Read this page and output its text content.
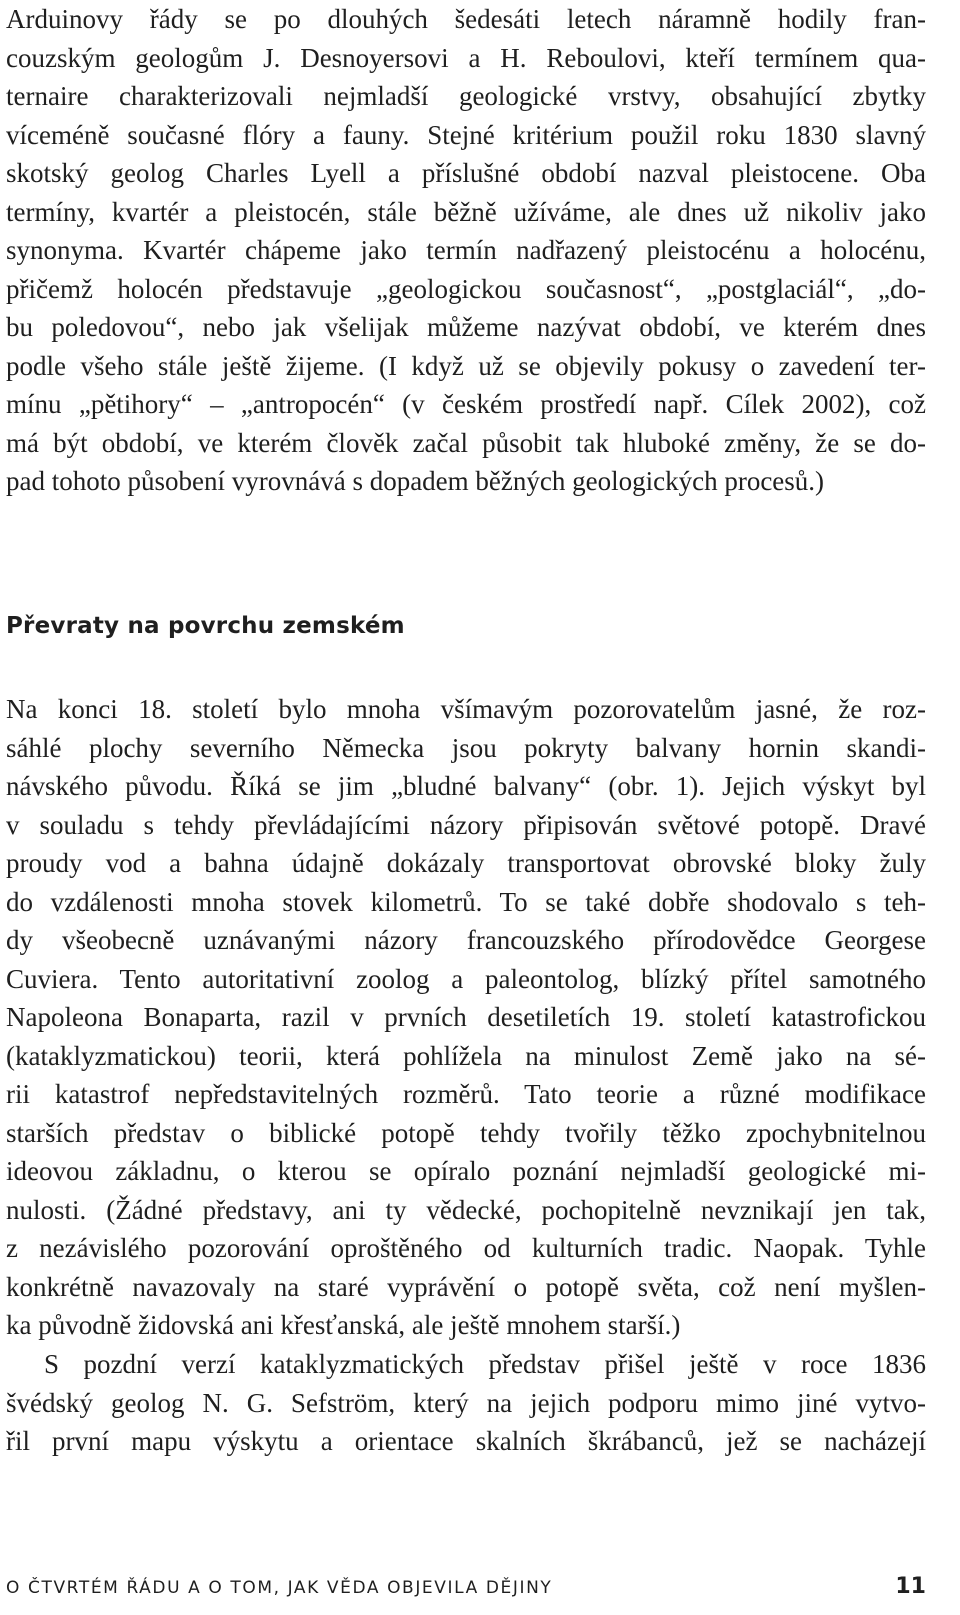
Arduinovy řády se po dlouhých šedesáti letech náramně hodily fran-
couzským geologům J. Desnoyersovi a H. Reboulovi, kteří termínem qua-
ternaire charakterizovali nejmladší geologické vrstvy, obsahující zbytky
víceméně současné flóry a fauny. Stejné kritérium použil roku 1830 slavný
skotský geolog Charles Lyell a příslušné období nazval pleistocene. Oba
termíny, kvartér a pleistocén, stále běžně užíváme, ale dnes už nikoliv jako
synonyma. Kvartér chápeme jako termín nadřazený pleistocénu a holocénu,
přičemž holocén představuje „geologickou současnost“, „postglaciál“, „do-
bu poledovou“, nebo jak všelijak můžeme nazývat období, ve kterém dnes
podle všeho stále ještě žijeme. (I když už se objevily pokusy o zavedení ter-
mínu „pětihory“ – „antropocén“ (v českém prostředí např. Cílek 2002), což
má být období, ve kterém člověk začal působit tak hluboké změny, že se do-
pad tohoto působení vyrovnává s dopadem běžných geologických procesů.)
Převraty na povrchu zemském
Na konci 18. století bylo mnoha všímavým pozorovatelům jasné, že roz-
sáhlé plochy severního Německa jsou pokryty balvany hornin skandi-
návského původu. Říká se jim „bludné balvany“ (obr. 1). Jejich výskyt byl
v souladu s tehdy převládajícími názory připisován světové potopě. Dravé
proudy vod a bahna údajně dokázaly transportovat obrovské bloky žuly
do vzdálenosti mnoha stovek kilometrů. To se také dobře shodovalo s teh-
dy všeobecně uznávanými názory francouzského přírodovědce Georgese
Cuviera. Tento autoritativní zoolog a paleontolog, blízký přítel samotného
Napoleona Bonaparta, razil v prvních desetiletích 19. století katastrofickou
(kataklyzmatickou) teorii, která pohlížela na minulost Země jako na sé-
rii katastrof nepředstavitelných rozměrů. Tato teorie a různé modifikace
starších představ o biblické potopě tehdy tvořily těžko zpochybnitelnou
ideovou základnu, o kterou se opíralo poznání nejmladší geologické mi-
nulosti. (Žádné představy, ani ty vědecké, pochopitelně nevznikají jen tak,
z nezávislého pozorování oproštěného od kulturních tradic. Naopak. Tyhle
konkrétně navazovaly na staré vyprávění o potopě světa, což není myšlen-
ka původně židovská ani křesťanská, ale ještě mnohem starší.)
S pozdní verzí kataklyzmatických představ přišel ještě v roce 1836
švédský geolog N. G. Sefström, který na jejich podporu mimo jiné vytvo-
řil první mapu výskytu a orientace skalních škrábanců, jež se nacházejí
O ČTVRTÉM ŘÁDU A O TOM, JAK VĚDA OBJEVILA DĚJINY	11
